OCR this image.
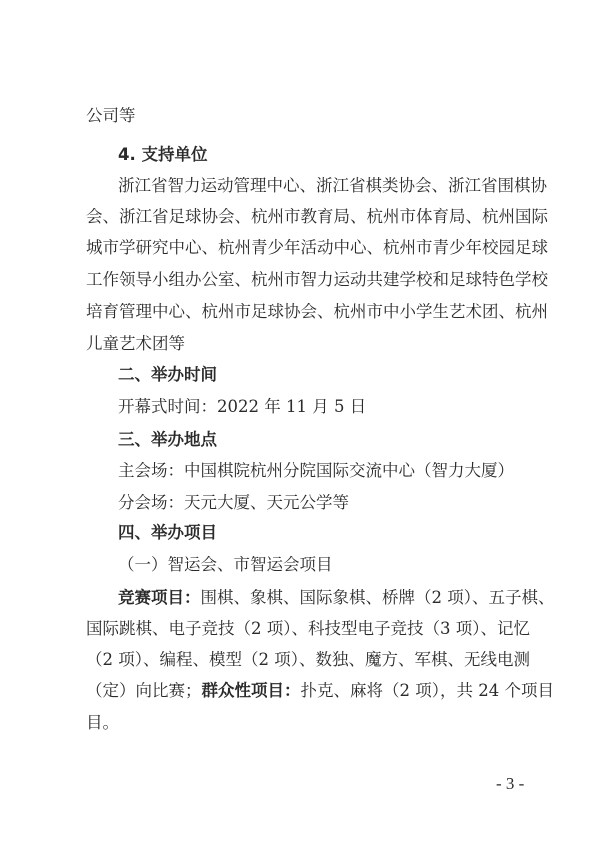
公司等
4. 支持单位
浙江省智力运动管理中心、浙江省棋类协会、浙江省围棋协
会、浙江省足球协会、杭州市教育局、杭州市体育局、杭州国际
城市学研究中心、杭州青少年活动中心、杭州市青少年校园足球
工作领导小组办公室、杭州市智力运动共建学校和足球特色学校
培育管理中心、杭州市足球协会、杭州市中小学生艺术团、杭州
儿童艺术团等
二、举办时间
开幕式时间：2022 年 11 月 5 日
三、举办地点
主会场：中国棋院杭州分院国际交流中心（智力大厦）
分会场：天元大厦、天元公学等
四、举办项目
（一）智运会、市智运会项目
竞赛项目：围棋、象棋、国际象棋、桥牌（2 项）、五子棋、
国际跳棋、电子竞技（2 项）、科技型电子竞技（3 项）、记忆
（2 项）、编程、模型（2 项）、数独、魔方、军棋、无线电测
（定）向比赛；群众性项目：扑克、麻将（2 项），共 24 个项目
目。
- 3 -
